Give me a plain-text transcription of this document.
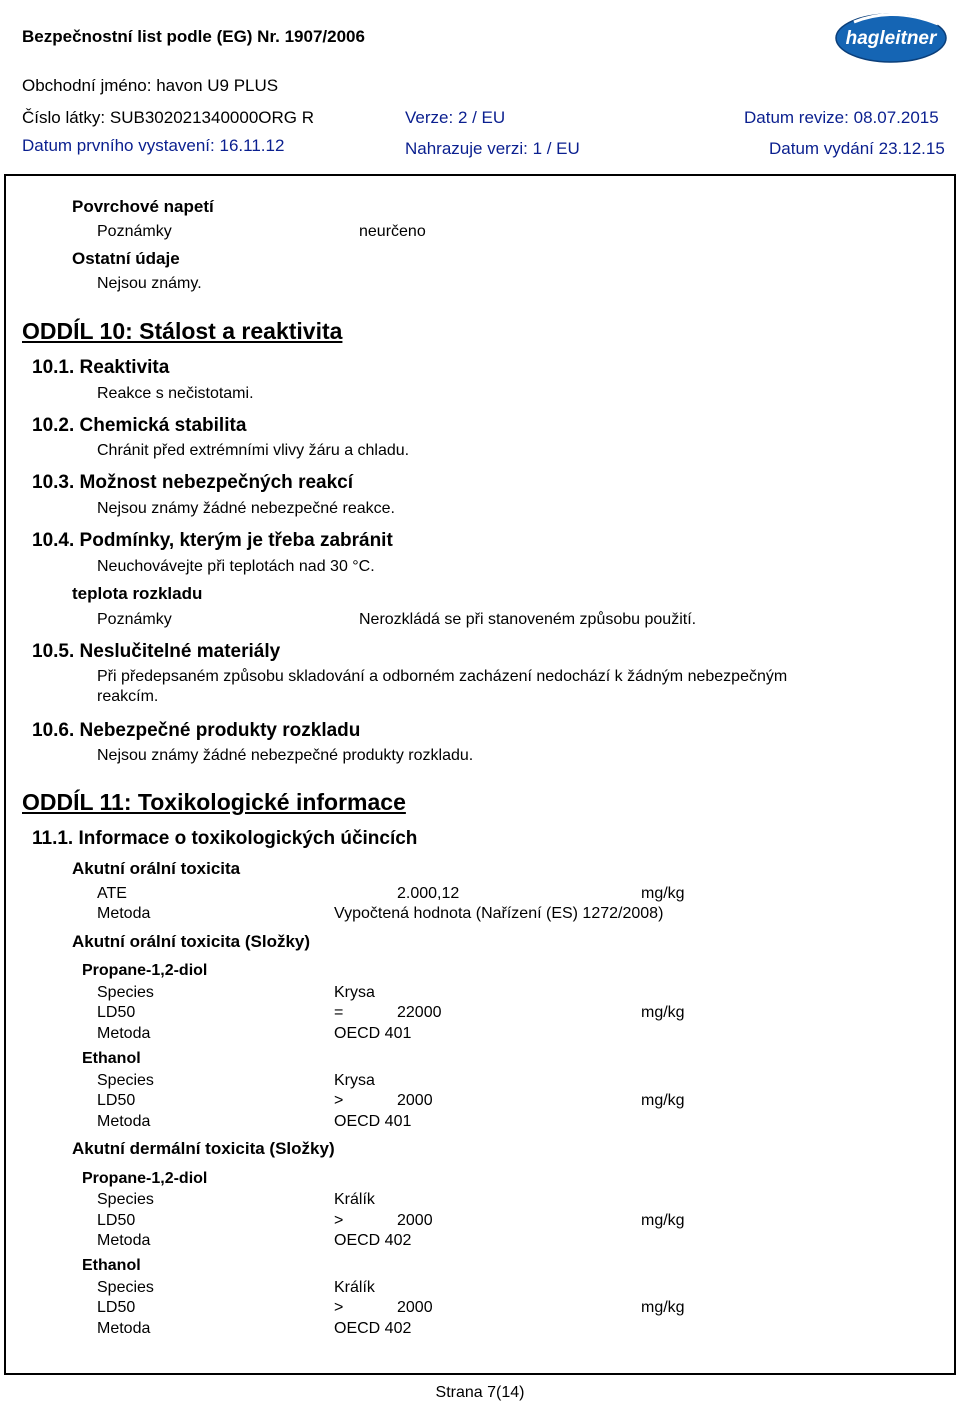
Bezpečnostní list podle (EG) Nr. 1907/2006	hagleitner
Obchodní jméno: havon U9 PLUS
Číslo látky: SUB302021340000ORG R	Verze: 2 / EU	Datum revize: 08.07.2015
Datum prvního vystavení: 16.11.12	Nahrazuje verzi: 1 / EU	Datum vydání 23.12.15
Povrchové napetí
Poznámky	neurčeno
Ostatní údaje
Nejsou známy.
ODDÍL 10: Stálost a reaktivita
10.1. Reaktivita
Reakce s nečistotami.
10.2. Chemická stabilita
Chránit před extrémními vlivy žáru a chladu.
10.3. Možnost nebezpečných reakcí
Nejsou známy žádné nebezpečné reakce.
10.4. Podmínky, kterým je třeba zabránit
Neuchovávejte při teplotách nad 30 °C.
teplota rozkladu
Poznámky	Nerozkládá se při stanoveném způsobu použití.
10.5. Neslučitelné materiály
Při předepsaném způsobu skladování a odborném zacházení nedochází k žádným nebezpečným
reakcím.
10.6. Nebezpečné produkty rozkladu
Nejsou známy žádné nebezpečné produkty rozkladu.
ODDÍL 11: Toxikologické informace
11.1. Informace o toxikologických účincích
Akutní orální toxicita
ATE	2.000,12	mg/kg
Metoda	Vypočtená hodnota (Nařízení (ES) 1272/2008)
Akutní orální toxicita (Složky)
Propane-1,2-diol
Species	Krysa
LD50	=	22000	mg/kg
Metoda	OECD 401
Ethanol
Species	Krysa
LD50	>	2000	mg/kg
Metoda	OECD 401
Akutní dermální toxicita (Složky)
Propane-1,2-diol
Species	Králík
LD50	>	2000	mg/kg
Metoda	OECD 402
Ethanol
Species	Králík
LD50	>	2000	mg/kg
Metoda	OECD 402
Strana 7(14)
